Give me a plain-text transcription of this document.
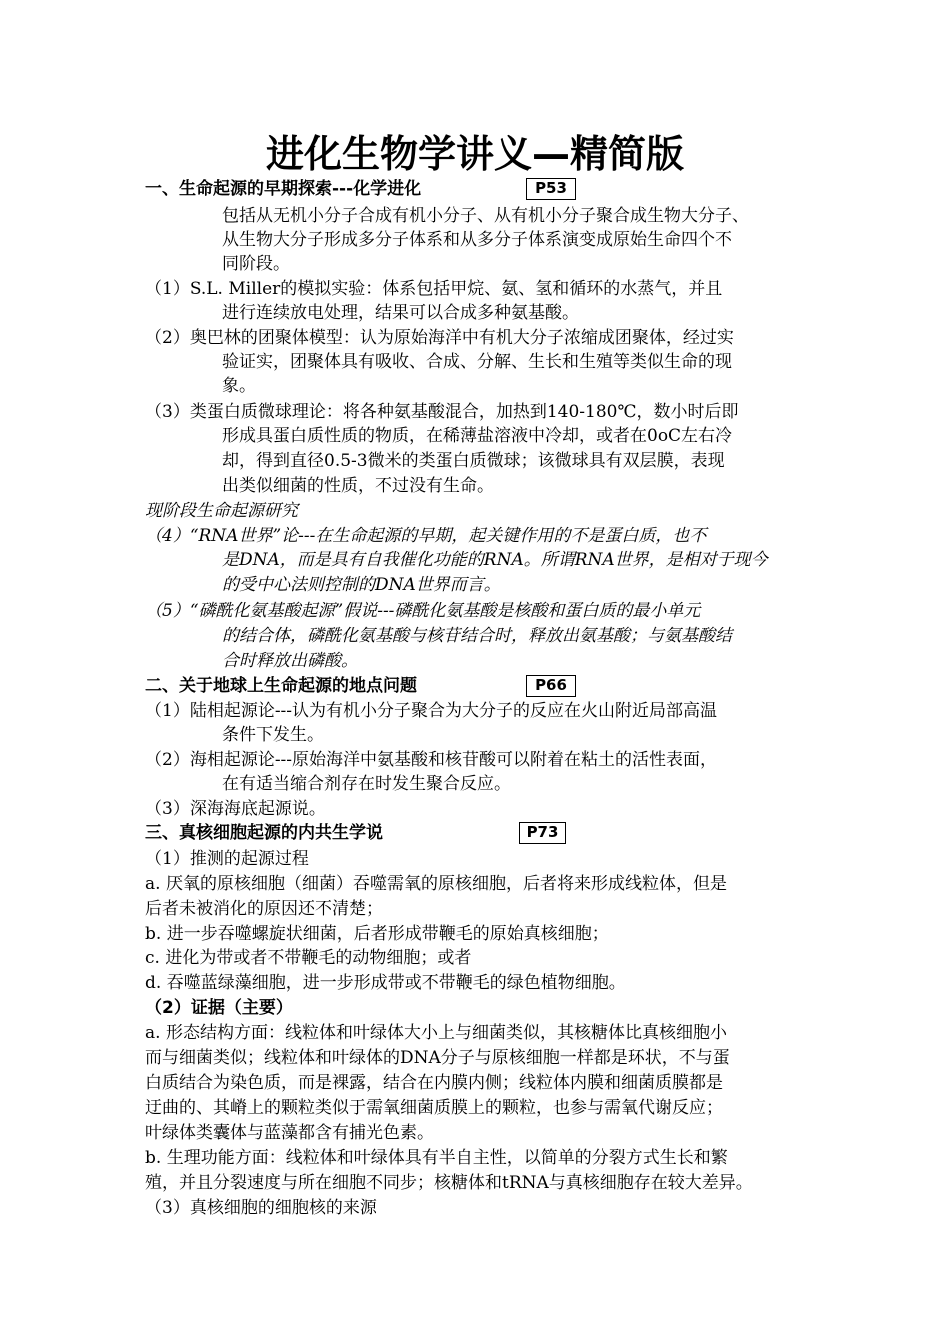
进化生物学讲义—精简版
一、生命起源的早期探索---化学进化	P53
包括从无机小分子合成有机小分子、从有机小分子聚合成生物大分子、
从生物大分子形成多分子体系和从多分子体系演变成原始生命四个不
同阶段。
（1）S.L. Miller的模拟实验：体系包括甲烷、氨、氢和循环的水蒸气，并且
进行连续放电处理，结果可以合成多种氨基酸。
（2）奥巴林的团聚体模型：认为原始海洋中有机大分子浓缩成团聚体，经过实
验证实，团聚体具有吸收、合成、分解、生长和生殖等类似生命的现
象。
（3）类蛋白质微球理论：将各种氨基酸混合，加热到140-180℃，数小时后即
形成具蛋白质性质的物质，在稀薄盐溶液中冷却，或者在0oC左右冷
却，得到直径0.5-3微米的类蛋白质微球；该微球具有双层膜，表现
出类似细菌的性质，不过没有生命。
现阶段生命起源研究
（4）“RNA世界”论---在生命起源的早期，起关键作用的不是蛋白质，也不
是DNA，而是具有自我催化功能的RNA。所谓RNA世界，是相对于现今
的受中心法则控制的DNA世界而言。
（5）“磷酰化氨基酸起源”假说---磷酰化氨基酸是核酸和蛋白质的最小单元
的结合体，磷酰化氨基酸与核苷结合时，释放出氨基酸；与氨基酸结
合时释放出磷酸。
二、关于地球上生命起源的地点问题	P66
（1）陆相起源论---认为有机小分子聚合为大分子的反应在火山附近局部高温
条件下发生。
（2）海相起源论---原始海洋中氨基酸和核苷酸可以附着在粘土的活性表面，
在有适当缩合剂存在时发生聚合反应。
（3）深海海底起源说。
三、真核细胞起源的内共生学说	P73
（1）推测的起源过程
a. 厌氧的原核细胞（细菌）吞噬需氧的原核细胞，后者将来形成线粒体，但是
后者未被消化的原因还不清楚；
b. 进一步吞噬螺旋状细菌，后者形成带鞭毛的原始真核细胞；
c. 进化为带或者不带鞭毛的动物细胞；或者
d. 吞噬蓝绿藻细胞，进一步形成带或不带鞭毛的绿色植物细胞。
（2）证据（主要）
a. 形态结构方面：线粒体和叶绿体大小上与细菌类似，其核糖体比真核细胞小
而与细菌类似；线粒体和叶绿体的DNA分子与原核细胞一样都是环状，不与蛋
白质结合为染色质，而是裸露，结合在内膜内侧；线粒体内膜和细菌质膜都是
迂曲的、其嵴上的颗粒类似于需氧细菌质膜上的颗粒，也参与需氧代谢反应；
叶绿体类囊体与蓝藻都含有捕光色素。
b. 生理功能方面：线粒体和叶绿体具有半自主性，以简单的分裂方式生长和繁
殖，并且分裂速度与所在细胞不同步；核糖体和tRNA与真核细胞存在较大差异。
（3）真核细胞的细胞核的来源
